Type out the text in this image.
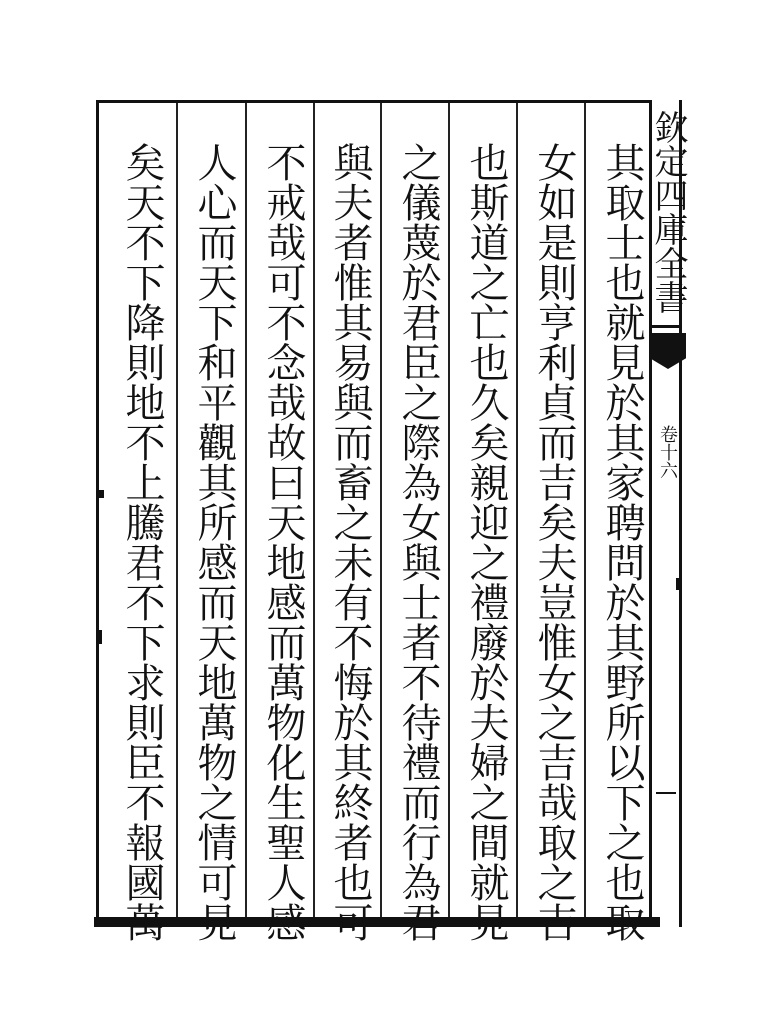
其取士也就見於其家聘問於其野所以下之也取

女如是則亨利貞而吉矣夫豈惟女之吉哉取之吉

也斯道之亡也久矣親迎之禮廢於夫婦之間就見

之儀蔑於君臣之際為女與士者不待禮而行為君

與夫者惟其易與而畜之未有不悔於其終者也可

不戒哉可不念哉故曰天地感而萬物化生聖人感

人心而天下和平觀其所感而天地萬物之情可見

矣天不下降則地不上騰君不下求則臣不報國萬	欽定四庫全書

卷十六
